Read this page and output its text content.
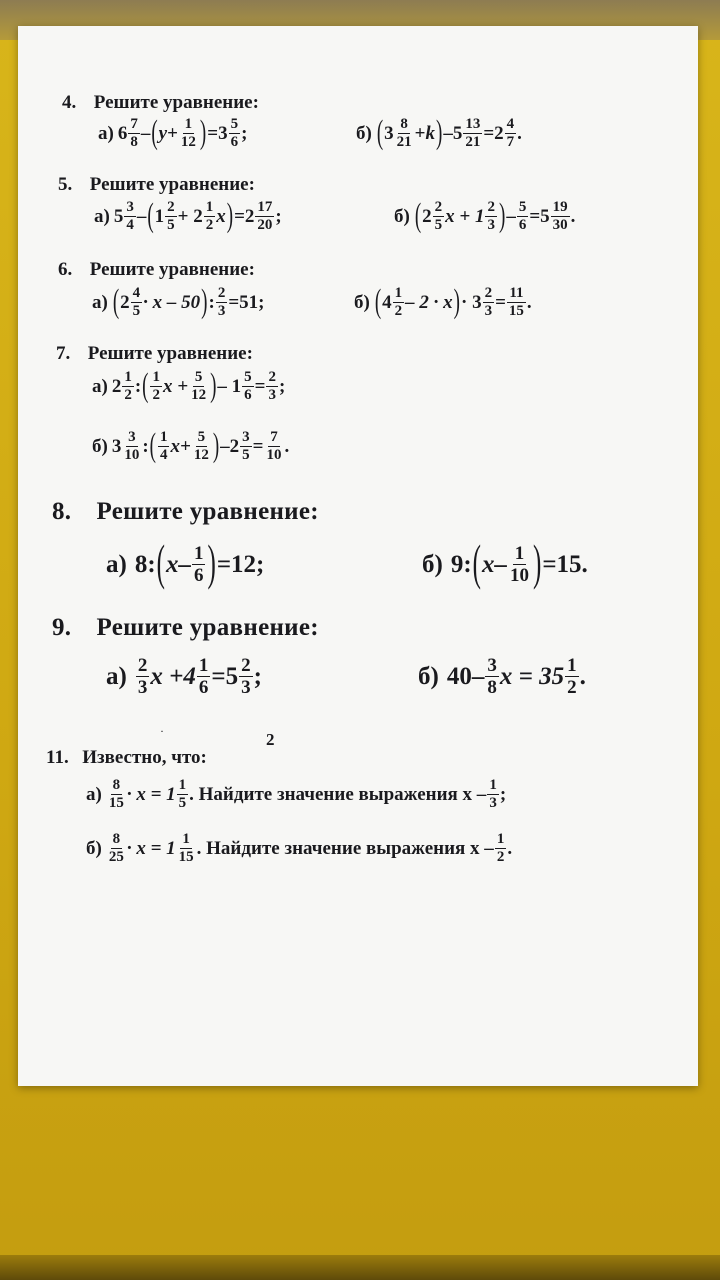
4. Решите уравнение:
а) $6 \frac{7}{8}$ – ( $y + \frac{1}{12}$ ) $=3 \frac{5}{6}$ ;	б) ( $3 \frac{8}{21} + k$ ) $-5 \frac{13}{21} =2 \frac{4}{7}$ .
5. Решите уравнение:
а) $5 \frac{3}{4}$ – ( $1 \frac{2}{5} + 2 \frac{1}{2}$ x ) $=2 \frac{17}{20}$ ;	б) ( $2 \frac{2}{5}$ $x + 1 \frac{2}{3}$ ) – $\frac{5}{6} =5 \frac{19}{30}$ .
6. Решите уравнение:
а) ( $2 \frac{4}{5} \cdot x - 50$ ) : $\frac{2}{3} =51$;	б) ( $4 \frac{1}{2} - 2 \cdot x$ ) · $3 \frac{2}{3} = \frac{11}{15}$ .
7. Решите уравнение:
а) $2 \frac{1}{2}$ : ( $\frac{1}{2}$ $x + \frac{5}{12}$ ) – $1 \frac{5}{6} = \frac{2}{3}$ ;
б) $3 \frac{3}{10}$ : ( $\frac{1}{4} x+ \frac{5}{12}$ ) $-2 \frac{3}{5} = \frac{7}{10}$ .
8. Решите уравнение:
а) 8: ( $x- \frac{1}{6}$ ) =12;	б) 9: ( $x- \frac{1}{10}$ ) =15.
9. Решите уравнение:
$а) \frac{2}{3}$ $x +4 \frac{1}{6} =5 \frac{2}{3}$ ;	б) $40- \frac{3}{8}$ $x = 35 \frac{1}{2}$ .
2
·
11. Известно, что:
$а) \frac{8}{15} \cdot x = 1 \frac{1}{5}$ . Найдите значение выражения x – $\frac{1}{3}$ ;
$б) \frac{8}{25} \cdot x = 1 \frac{1}{15}$ . Найдите значение выражения x – $\frac{1}{2}$ .
